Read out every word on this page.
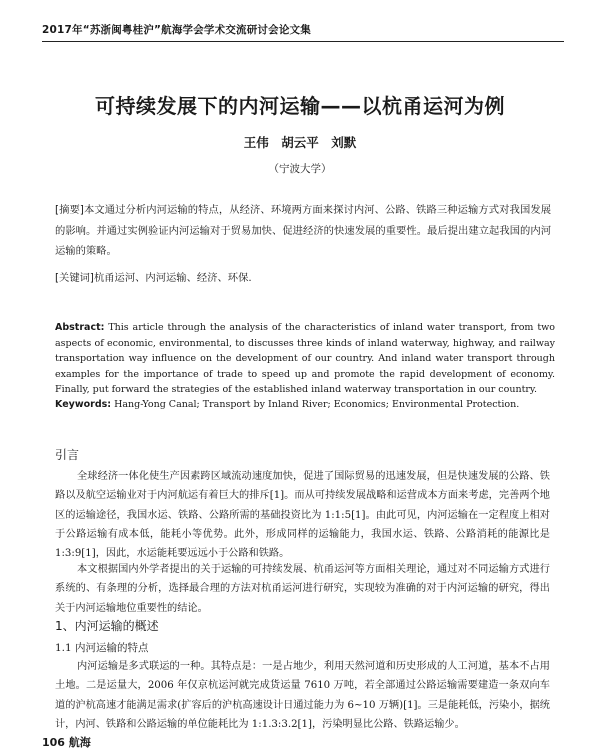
2017年“苏浙闽粤桂沪”航海学会学术交流研讨会论文集
可持续发展下的内河运输——以杭甬运河为例
王伟　胡云平　刘默
（宁波大学）
[摘要]本文通过分析内河运输的特点，从经济、环境两方面来探讨内河、公路、铁路三种运输方式对我国发展的影响。并通过实例验证内河运输对于贸易加快、促进经济的快速发展的重要性。最后提出建立起我国的内河运输的策略。
[关键词]杭甬运河、内河运输、经济、环保.
Abstract: This article through the analysis of the characteristics of inland water transport, from two aspects of economic, environmental, to discusses three kinds of inland waterway, highway, and railway transportation way influence on the development of our country. And inland water transport through examples for the importance of trade to speed up and promote the rapid development of economy. Finally, put forward the strategies of the established inland waterway transportation in our country.
Keywords: Hang-Yong Canal; Transport by Inland River; Economics; Environmental Protection.
引言
全球经济一体化使生产因素跨区域流动速度加快，促进了国际贸易的迅速发展，但是快速发展的公路、铁路以及航空运输业对于内河航运有着巨大的排斥[1]。而从可持续发展战略和运营成本方面来考虑，完善两个地区的运输途径，我国水运、铁路、公路所需的基础投资比为 1:1:5[1]。由此可见，内河运输在一定程度上相对于公路运输有成本低，能耗小等优势。此外，形成同样的运输能力，我国水运、铁路、公路消耗的能源比是 1:3:9[1]，因此，水运能耗要远远小于公路和铁路。
本文根据国内外学者提出的关于运输的可持续发展、杭甬运河等方面相关理论，通过对不同运输方式进行系统的、有条理的分析，选择最合理的方法对杭甬运河进行研究，实现较为准确的对于内河运输的研究，得出关于内河运输地位重要性的结论。
1、内河运输的概述
1.1 内河运输的特点
内河运输是多式联运的一种。其特点是：一是占地少，利用天然河道和历史形成的人工河道，基本不占用土地。二是运量大，2006 年仅京杭运河就完成货运量 7610 万吨，若全部通过公路运输需要建造一条双向车道的沪杭高速才能满足需求(扩容后的沪杭高速设计日通过能力为 6~10 万辆)[1]。三是能耗低，污染小，据统计，内河、铁路和公路运输的单位能耗比为 1:1.3:3.2[1]，污染明显比公路、铁路运输少。
106 航海
